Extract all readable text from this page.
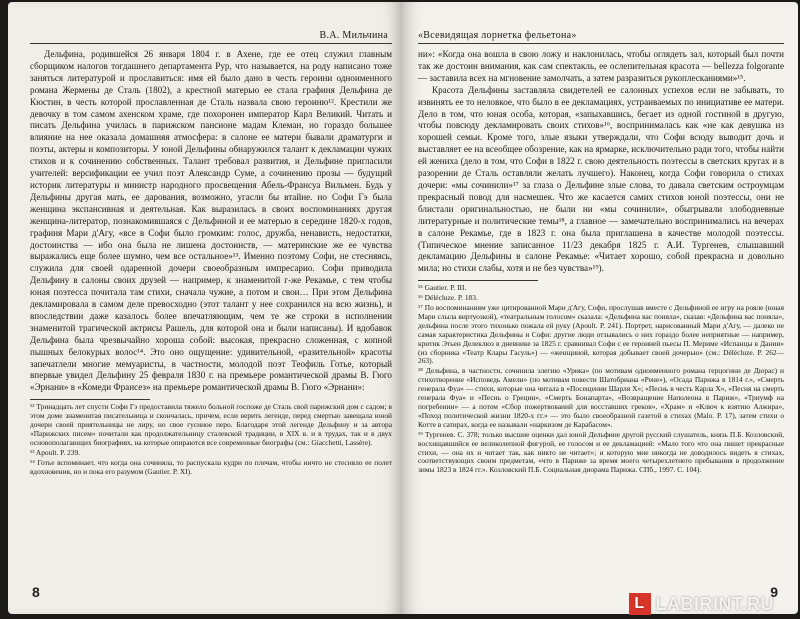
В.А. Мильчина

Дельфина, родившейся 26 января 1804 г. в Ахене, где ее отец служил главным сборщиком налогов тогдашнего департамента Рур, что называется, на роду написано тоже заняться литературой и прославиться: имя ей было дано в честь героини одноименного романа Жермены де Сталь (1802), а крестной матерью ее стала графиня Дельфина де Кюстин, в честь которой прославленная де Сталь назвала свою героиню¹². Крестили же девочку в том самом ахенском храме, где похоронен император Карл Великий. Читать и писать Дельфина училась в парижском пансионе мадам Клеман, но гораздо большее влияние на нее оказала домашняя атмосфера: в салоне ее матери бывали драматурги и поэты, актеры и композиторы. У юной Дельфины обнаружился талант к декламации чужих стихов и к сочинению собственных. Талант требовал развития, и Дельфине пригласили учителей: версификации ее учил поэт Александр Суме, а сочинению прозы — будущий историк литературы и министр народного просвещения Абель-Франсуа Вильмен. Будь у Дельфины другая мать, ее дарования, возможно, угасли бы втайне. но Софи Гэ была женщина экспансивная и деятельная. Как выразилась в своих воспоминаниях другая женщина-литератор, познакомившаяся с Дельфиной и ее матерью в середине 1820-х годов, графиня Мари д'Агу, «все в Софи было громким: голос, дружба, ненависть, недостатки, достоинства — ибо она была не лишена достоинств, — материнские же ее чувства выражались еще более шумно, чем все остальное»¹³. Именно поэтому Софи, не стесняясь, служила для своей одаренной дочери своеобразным импресарио. Софи приводила Дельфину в салоны своих друзей — например, к знаменитой г-же Рекамье, с тем чтобы юная поэтесса почитала там стихи, сначала чужие, а потом и свои… При этом Дельфина декламировала в самом деле превосходно (этот талант у нее сохранился на всю жизнь), и впоследствии даже казалось более впечатляющим, чем те же строки в исполнении знаменитой трагической актрисы Рашель, для которой она и были написаны). И вдобавок Дельфина была чрезвычайно хороша собой: высокая, прекрасно сложенная, с копной пышных белокурых волос¹⁴. Это оно ощущение: удивительной, «разительной» красоты запечатлели многие мемуаристы, в частности, молодой поэт Теофиль Готье, который впервые увидел Дельфину 25 февраля 1830 г. на премьере романтической драмы В. Гюго «Эрнани» в «Комеди Франсез» на премьере романтической драмы В. Гюго «Эрнани»:

¹² Тринадцать лет спусти Софи Гэ предоставила тяжело больной госпоже де Сталь свой парижский дом с садом; в этом доме знаменитая писательница и скончалась, причем, если верить легенде, перед смертью завещала юной дочери своей приятельницы не лиру, но свое гусиное перо. Благодаря этой легенде Дельфину и за автора «Парижских писем» почитали как продолжательницу сталевской традиции, в XIX в. и в трудах, так и в двух основополагающих биографиях, на которые опираются все современные биографы (см.: Giacchetti, Lassère).

¹³ Apoult. P. 239.

¹⁴ Готье вспоминает, что когда она сочиняла, то распускала кудри по плечам, чтобы ничто не стесняло ее полет вдохновения, но и пока его разумом (Gautier. P. XI).

8
«Всевидящая лорнетка фельетона»

ни»: «Когда она вошла в свою ложу и наклонилась, чтобы оглядеть зал, который был почти так же достоин внимания, как сам спектакль, ее ослепительная красота — bellezza folgorante — заставила всех на мгновение замолчать, а затем разразиться рукоплесканиями»¹⁵.

Красота Дельфины заставляла свидетелей ее салонных успехов если не забывать, то извинять ее то неловкое, что было в ее декламациях, устраиваемых по инициативе ее матери. Дело в том, что юная особа, которая, «запыхавшись, бегает из одной гостиной в другую, чтобы повсюду декламировать своих стихов»¹⁶, воспринималась как «не как девушка из хорошей семьи. Кроме того, злые языки утверждали, что Софи всюду выводит дочь и выставляет ее на всеобщее обозрение, как на ярмарке, исключительно ради того, чтобы найти ей жениха (дело в том, что Софи в 1822 г. свою деятельность поэтессы в светских кругах и в разорении де Сталь оставляли желать лучшего). Наконец, когда Софи говорила о стихах дочери: «мы сочинили»¹⁷ за глаза о Дельфине злые слова, то давала светским остроумцам прекрасный повод для насмешек. Что же касается самих стихов юной поэтессы, они не блистали оригинальностью, не были ни «мы сочинили», обыгрывали злободневные литературные и политические темы¹⁸, а главное — замечательно воспринимались на вечерах в салоне Рекамье, где в 1823 г. она была приглашена в качестве молодой поэтессы. (Типическое мнение записанное 11/23 декабря 1825 г. А.И. Тургенев, слышавший декламацию Дельфины в салоне Рекамье: «Читает хорошо, собой прекрасна и довольно мила; но стихи слабы, хотя и не без чувства»¹⁹).

¹⁵ Gautier. P. III.

¹⁶ Délécluze. P. 183.

¹⁷ По воспоминаниям уже цитированной Мари д'Агу, Софи, прослушав вместе с Дельфиной ее игру на рояле (юная Мари слыла виртуозкой), «театральным голосом» сказала: «Дельфина вас поняла», сказав: «Дельфина вас поняла», дельфина после этого тихонько пожала ей руку (Apoult. P. 241). Портрет, нарисованный Мари д'Агу, — далеко не самая характеристика Дельфины и Софи: другие люди отзывались о них гораздо более неприятные — например, критик Этьен Делеклюз в дневнике за 1825 г. сравнивал Софи с ее героиней пьесы П. Мериме «Испанцы в Дании» (из сборника «Театр Клары Гасуль») — «женщиной, которая добывает своей дочерью» (см.: Délécluze. P. 262—263).

¹⁸ Дельфина, в частности, сочинила элегию «Урика» (по мотивам одноименного романа герцогини де Дюрас) и стихотворение «Исповедь Амели» (по мотивам повести Шатобриана «Рене»), «Осада Парижа в 1814 г.», «Смерть генерала Фуа» — стихи, которые она читала в «Посещении Шарля Х»; «Песнь в честь Карла Х», «Песня на смерть генерала Фуа» и «Песнь о Греции», «Смерть Бонапарта», «Возвращение Наполеона в Париж», «Триумф на погребении» — а потом «Сбор пожертвований для восставших греков», «Храм» и «Ключ к взятию Алжира», «Поход политической жизни 1820-х гг.» — это было своеобразной газетой в стихах (Malo. P. 17), затем стихи о Котте в сатирах, когда ее называли «наркизом де Карабасом».

¹⁹ Тургенев. С. 378; только высшие оценки дал юной Дельфине другой русский слушатель, князь П.Б. Козловский, восхищавшийся ее великолепной фигурой, ее голосом и ее декламацией: «Мало того что она пишет прекрасные стихи, — она их и читает так, как никто не читает»; и которую мне никогда не доводилось видеть в стихах, соответствующих своим предметам, «что в Париже за время моего четырехлетнего пребывания в продолжение зимы 1823 в 1824 гг.». Козловский П.Б. Социальная диорама Парижа. СПб., 1997. С. 104).

9
L LABIRINT.RU
